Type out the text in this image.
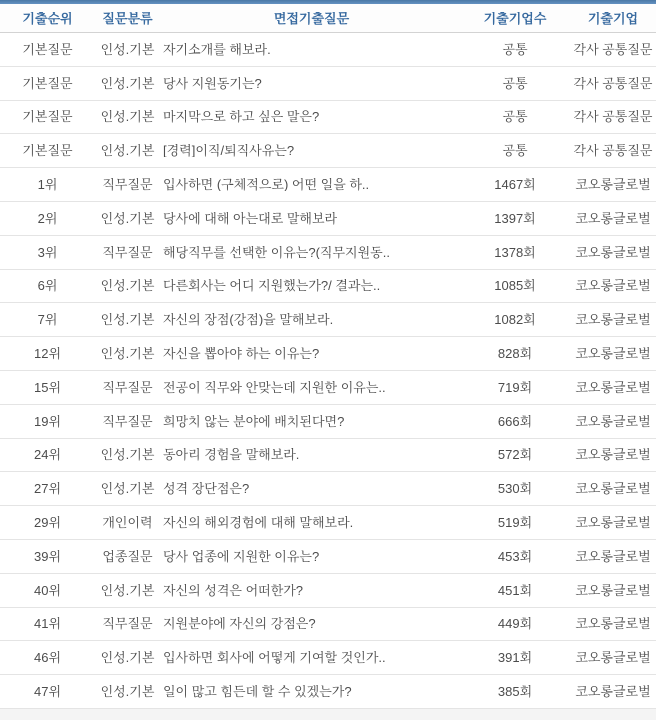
기출순위	질문분류	면접기출질문	기출기업수	기출기업
기본질문	인성.기본 자기소개를 해보라.	공통	각사 공통질문
기본질문	인성.기본 당사 지원동기는?	공통	각사 공통질문
기본질문	인성.기본 마지막으로 하고 싶은 말은?	공통	각사 공통질문
기본질문	인성.기본 [경력]이직/퇴직사유는?	공통	각사 공통질문
1위	직무질문 입사하면 (구체적으로) 어떤 일을 하..	1467회	코오롱글로벌
2위	인성.기본 당사에 대해 아는대로 말해보라	1397회	코오롱글로벌
3위	직무질문 해당직무를 선택한 이유는?(직무지원동..	1378회	코오롱글로벌
6위	인성.기본 다른회사는 어디 지원했는가?/ 결과는..	1085회	코오롱글로벌
7위	인성.기본 자신의 장점(강점)을 말해보라.	1082회	코오롱글로벌
12위	인성.기본 자신을 뽑아야 하는 이유는?	828회	코오롱글로벌
15위	직무질문 전공이 직무와 안맞는데 지원한 이유는..	719회	코오롱글로벌
19위	직무질문 희망치 않는 분야에 배치된다면?	666회	코오롱글로벌
24위	인성.기본 동아리 경험을 말해보라.	572회	코오롱글로벌
27위	인성.기본 성격 장단점은?	530회	코오롱글로벌
29위	개인이력 자신의 해외경험에 대해 말해보라.	519회	코오롱글로벌
39위	업종질문 당사 업종에 지원한 이유는?	453회	코오롱글로벌
40위	인성.기본 자신의 성격은 어떠한가?	451회	코오롱글로벌
41위	직무질문 지원분야에 자신의 강점은?	449회	코오롱글로벌
46위	인성.기본 입사하면 회사에 어떻게 기여할 것인가..	391회	코오롱글로벌
47위	인성.기본 일이 많고 힘든데 할 수 있겠는가?	385회	코오롱글로벌
